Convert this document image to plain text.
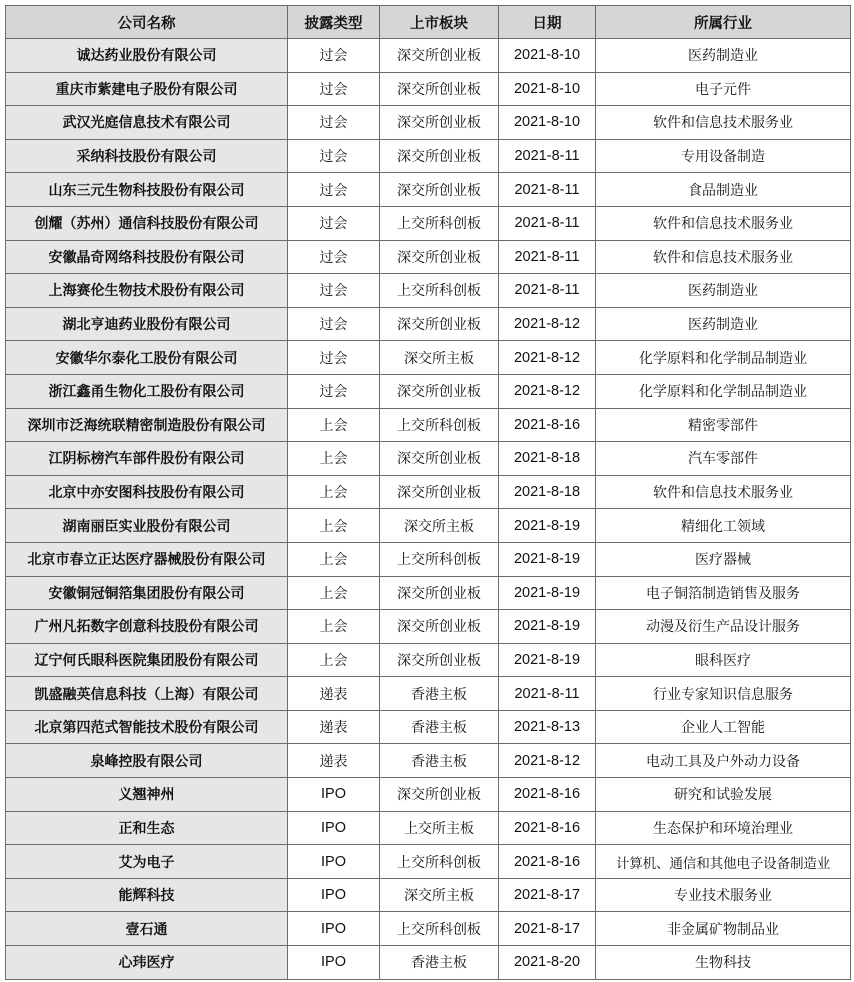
公司名称	披露类型	上市板块	日期	所属行业
诚达药业股份有限公司	过会	深交所创业板	2021-8-10	医药制造业
重庆市紫建电子股份有限公司	过会	深交所创业板	2021-8-10	电子元件
武汉光庭信息技术有限公司	过会	深交所创业板	2021-8-10	软件和信息技术服务业
采纳科技股份有限公司	过会	深交所创业板	2021-8-11	专用设备制造
山东三元生物科技股份有限公司	过会	深交所创业板	2021-8-11	食品制造业
创耀（苏州）通信科技股份有限公司	过会	上交所科创板	2021-8-11	软件和信息技术服务业
安徽晶奇网络科技股份有限公司	过会	深交所创业板	2021-8-11	软件和信息技术服务业
上海赛伦生物技术股份有限公司	过会	上交所科创板	2021-8-11	医药制造业
湖北亨迪药业股份有限公司	过会	深交所创业板	2021-8-12	医药制造业
安徽华尔泰化工股份有限公司	过会	深交所主板	2021-8-12	化学原料和化学制品制造业
浙江鑫甬生物化工股份有限公司	过会	深交所创业板	2021-8-12	化学原料和化学制品制造业
深圳市泛海统联精密制造股份有限公司	上会	上交所科创板	2021-8-16	精密零部件
江阴标榜汽车部件股份有限公司	上会	深交所创业板	2021-8-18	汽车零部件
北京中亦安图科技股份有限公司	上会	深交所创业板	2021-8-18	软件和信息技术服务业
湖南丽臣实业股份有限公司	上会	深交所主板	2021-8-19	精细化工领域
北京市春立正达医疗器械股份有限公司	上会	上交所科创板	2021-8-19	医疗器械
安徽铜冠铜箔集团股份有限公司	上会	深交所创业板	2021-8-19	电子铜箔制造销售及服务
广州凡拓数字创意科技股份有限公司	上会	深交所创业板	2021-8-19	动漫及衍生产品设计服务
辽宁何氏眼科医院集团股份有限公司	上会	深交所创业板	2021-8-19	眼科医疗
凯盛融英信息科技（上海）有限公司	递表	香港主板	2021-8-11	行业专家知识信息服务
北京第四范式智能技术股份有限公司	递表	香港主板	2021-8-13	企业人工智能
泉峰控股有限公司	递表	香港主板	2021-8-12	电动工具及户外动力设备
义翘神州	IPO	深交所创业板	2021-8-16	研究和试验发展
正和生态	IPO	上交所主板	2021-8-16	生态保护和环境治理业
艾为电子	IPO	上交所科创板	2021-8-16	计算机、通信和其他电子设备制造业
能辉科技	IPO	深交所主板	2021-8-17	专业技术服务业
壹石通	IPO	上交所科创板	2021-8-17	非金属矿物制品业
心玮医疗	IPO	香港主板	2021-8-20	生物科技
